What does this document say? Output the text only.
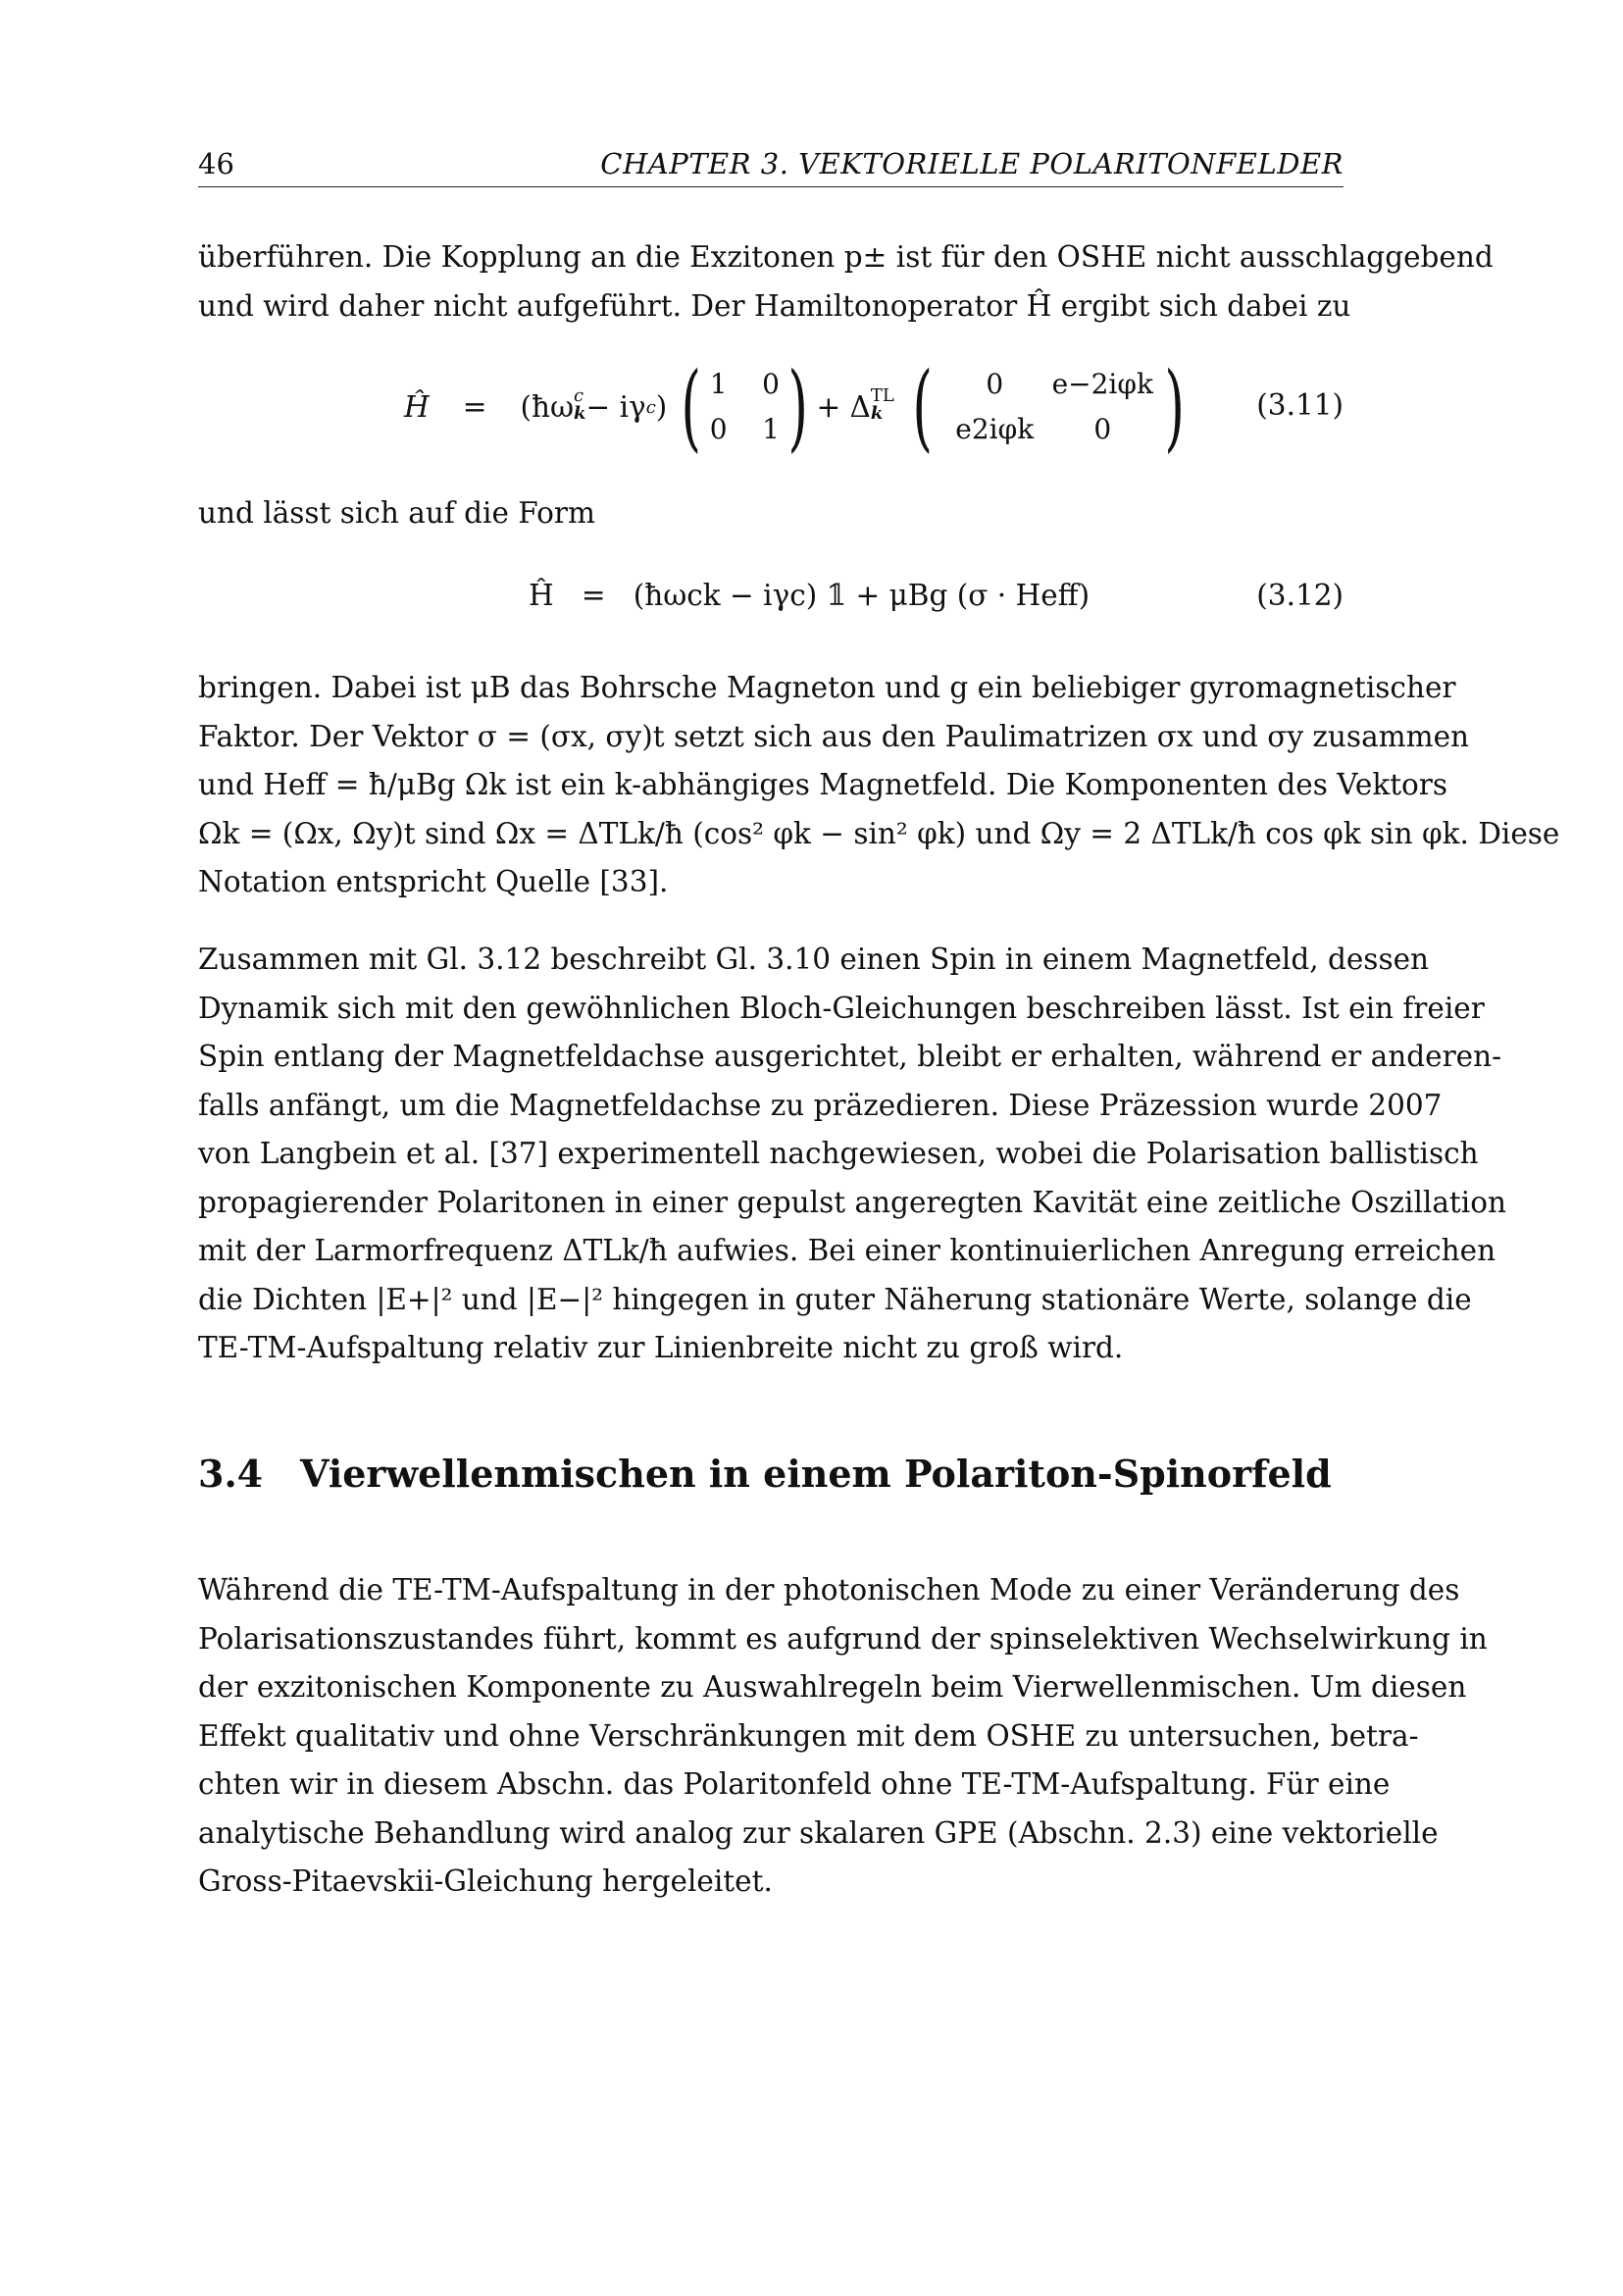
46	CHAPTER 3. VEKTORIELLE POLARITONFELDER
überführen. Die Kopplung an die Exzitonen p± ist für den OSHE nicht ausschlaggebend
und wird daher nicht aufgeführt. Der Hamiltonoperator Ĥ ergibt sich dabei zu
Ĥ = (ħω c
k − iγ c ) ( 1    0
0    1 ) + Δ TL
k (	0	e−2iφk
e2iφk	0 ) (3.11)
und lässt sich auf die Form
Ĥ   =   (ħωck − iγc) 𝟙 + μBg (σ · Heff)	(3.12)
bringen. Dabei ist μB das Bohrsche Magneton und g ein beliebiger gyromagnetischer
Faktor. Der Vektor σ = (σx, σy)t setzt sich aus den Paulimatrizen σx und σy zusammen
und Heff = ħ/μBg Ωk ist ein k-abhängiges Magnetfeld. Die Komponenten des Vektors
Ωk = (Ωx, Ωy)t sind Ωx = ΔTLk/ħ (cos² φk − sin² φk) und Ωy = 2 ΔTLk/ħ cos φk sin φk. Diese
Notation entspricht Quelle [33].
Zusammen mit Gl. 3.12 beschreibt Gl. 3.10 einen Spin in einem Magnetfeld, dessen
Dynamik sich mit den gewöhnlichen Bloch-Gleichungen beschreiben lässt. Ist ein freier
Spin entlang der Magnetfeldachse ausgerichtet, bleibt er erhalten, während er anderen-
falls anfängt, um die Magnetfeldachse zu präzedieren. Diese Präzession wurde 2007
von Langbein et al. [37] experimentell nachgewiesen, wobei die Polarisation ballistisch
propagierender Polaritonen in einer gepulst angeregten Kavität eine zeitliche Oszillation
mit der Larmorfrequenz ΔTLk/ħ aufwies. Bei einer kontinuierlichen Anregung erreichen
die Dichten |E+|² und |E−|² hingegen in guter Näherung stationäre Werte, solange die
TE-TM-Aufspaltung relativ zur Linienbreite nicht zu groß wird.
3.4 Vierwellenmischen in einem Polariton-Spinorfeld
Während die TE-TM-Aufspaltung in der photonischen Mode zu einer Veränderung des
Polarisationszustandes führt, kommt es aufgrund der spinselektiven Wechselwirkung in
der exzitonischen Komponente zu Auswahlregeln beim Vierwellenmischen. Um diesen
Effekt qualitativ und ohne Verschränkungen mit dem OSHE zu untersuchen, betra-
chten wir in diesem Abschn. das Polaritonfeld ohne TE-TM-Aufspaltung. Für eine
analytische Behandlung wird analog zur skalaren GPE (Abschn. 2.3) eine vektorielle
Gross-Pitaevskii-Gleichung hergeleitet.
